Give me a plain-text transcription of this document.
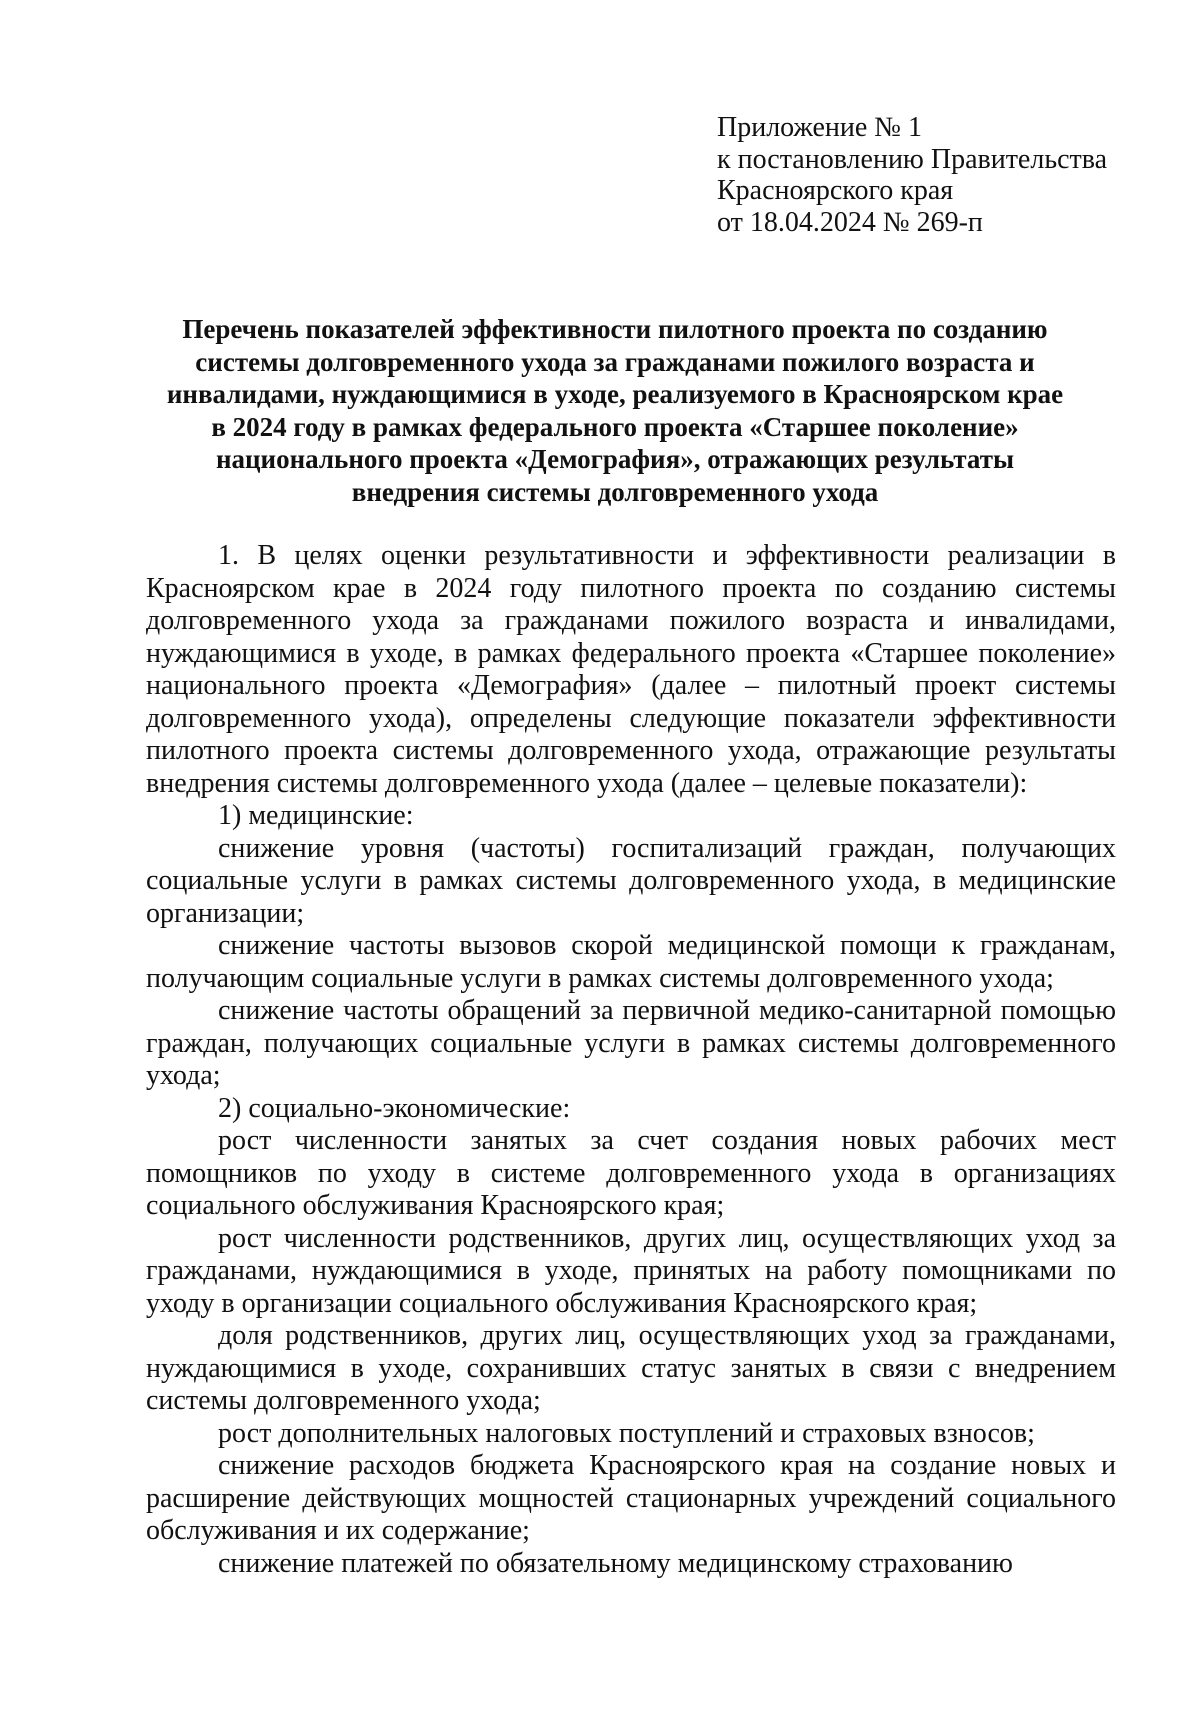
Приложение № 1
к постановлению Правительства
Красноярского края
от 18.04.2024 № 269-п
Перечень показателей эффективности пилотного проекта по созданию
системы долговременного ухода за гражданами пожилого возраста и
инвалидами, нуждающимися в уходе, реализуемого в Красноярском крае
в 2024 году в рамках федерального проекта «Старшее поколение»
национального проекта «Демография», отражающих результаты
внедрения системы долговременного ухода

1. В целях оценки результативности и эффективности реализации в Красноярском крае в 2024 году пилотного проекта по созданию системы долговременного ухода за гражданами пожилого возраста и инвалидами, нуждающимися в уходе, в рамках федерального проекта «Старшее поколение» национального проекта «Демография» (далее – пилотный проект системы долговременного ухода), определены следующие показатели эффективности пилотного проекта системы долговременного ухода, отражающие результаты внедрения системы долговременного ухода (далее – целевые показатели):

1) медицинские:

снижение уровня (частоты) госпитализаций граждан, получающих социальные услуги в рамках системы долговременного ухода, в медицинские организации;

снижение частоты вызовов скорой медицинской помощи к гражданам, получающим социальные услуги в рамках системы долговременного ухода;

снижение частоты обращений за первичной медико-санитарной помощью граждан, получающих социальные услуги в рамках системы долговременного ухода;

2) социально-экономические:

рост численности занятых за счет создания новых рабочих мест помощников по уходу в системе долговременного ухода в организациях социального обслуживания Красноярского края;

рост численности родственников, других лиц, осуществляющих уход за гражданами, нуждающимися в уходе, принятых на работу помощниками по уходу в организации социального обслуживания Красноярского края;

доля родственников, других лиц, осуществляющих уход за гражданами, нуждающимися в уходе, сохранивших статус занятых в связи с внедрением системы долговременного ухода;

рост дополнительных налоговых поступлений и страховых взносов;

снижение расходов бюджета Красноярского края на создание новых и расширение действующих мощностей стационарных учреждений социального обслуживания и их содержание;

снижение платежей по обязательному медицинскому страхованию
